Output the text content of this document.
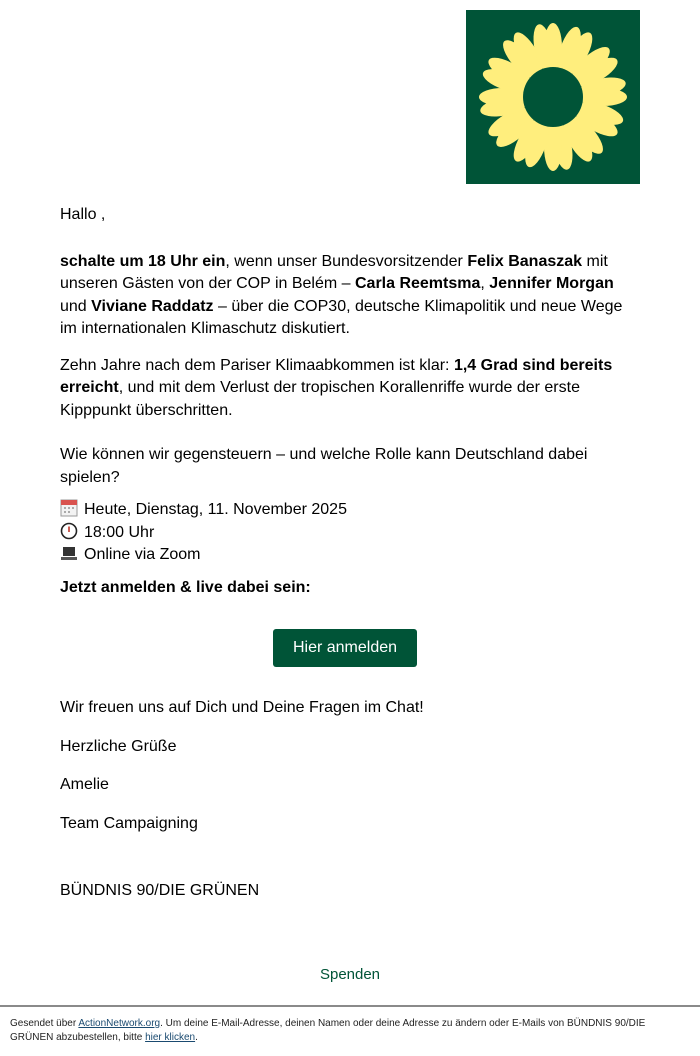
Hallo ,

schalte um 18 Uhr ein, wenn unser Bundesvorsitzender Felix Banaszak mit unseren Gästen von der COP in Belém – Carla Reemtsma, Jennifer Morgan und Viviane Raddatz – über die COP30, deutsche Klimapolitik und neue Wege im internationalen Klimaschutz diskutiert.

Zehn Jahre nach dem Pariser Klimaabkommen ist klar: 1,4 Grad sind bereits erreicht, und mit dem Verlust der tropischen Korallenriffe wurde der erste Kipppunkt überschritten.

Wie können wir gegensteuern – und welche Rolle kann Deutschland dabei spielen?

Heute, Dienstag, 11. November 2025
18:00 Uhr
Online via Zoom

Jetzt anmelden & live dabei sein:

Hier anmelden

Wir freuen uns auf Dich und Deine Fragen im Chat!

Herzliche Grüße

Amelie

Team Campaigning

BÜNDNIS 90/DIE GRÜNEN

Spenden
Gesendet über ActionNetwork.org. Um deine E-Mail-Adresse, deinen Namen oder deine Adresse zu ändern oder E-Mails von BÜNDNIS 90/DIE GRÜNEN abzubestellen, bitte hier klicken.
